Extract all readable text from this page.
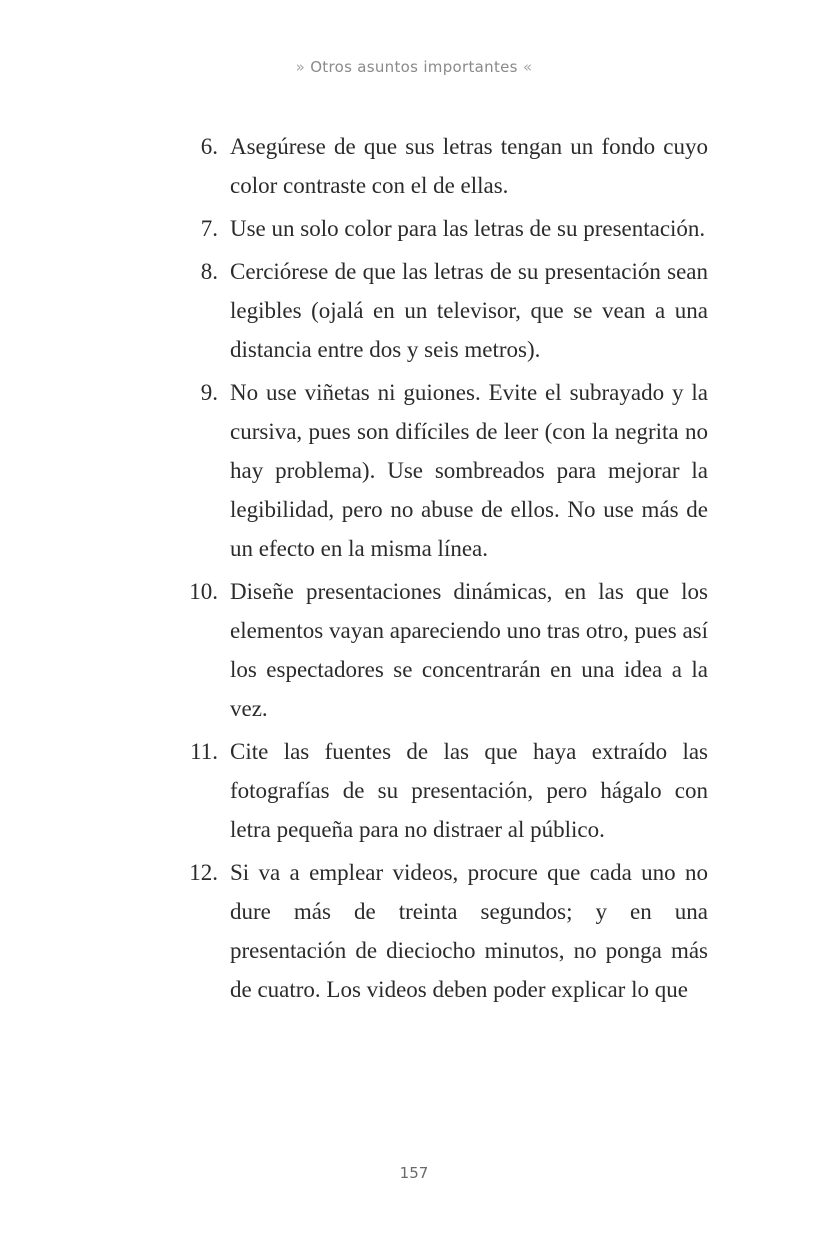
» Otros asuntos importantes «
6. Asegúrese de que sus letras tengan un fondo cuyo color contraste con el de ellas.
7. Use un solo color para las letras de su presentación.
8. Cerciórese de que las letras de su presentación sean legibles (ojalá en un televisor, que se vean a una distancia entre dos y seis metros).
9. No use viñetas ni guiones. Evite el subrayado y la cursiva, pues son difíciles de leer (con la negrita no hay problema). Use sombreados para mejorar la legibilidad, pero no abuse de ellos. No use más de un efecto en la misma línea.
10. Diseñe presentaciones dinámicas, en las que los elementos vayan apareciendo uno tras otro, pues así los espectadores se concentrarán en una idea a la vez.
11. Cite las fuentes de las que haya extraído las fotografías de su presentación, pero hágalo con letra pequeña para no distraer al público.
12. Si va a emplear videos, procure que cada uno no dure más de treinta segundos; y en una presentación de dieciocho minutos, no ponga más de cuatro. Los videos deben poder explicar lo que
157
